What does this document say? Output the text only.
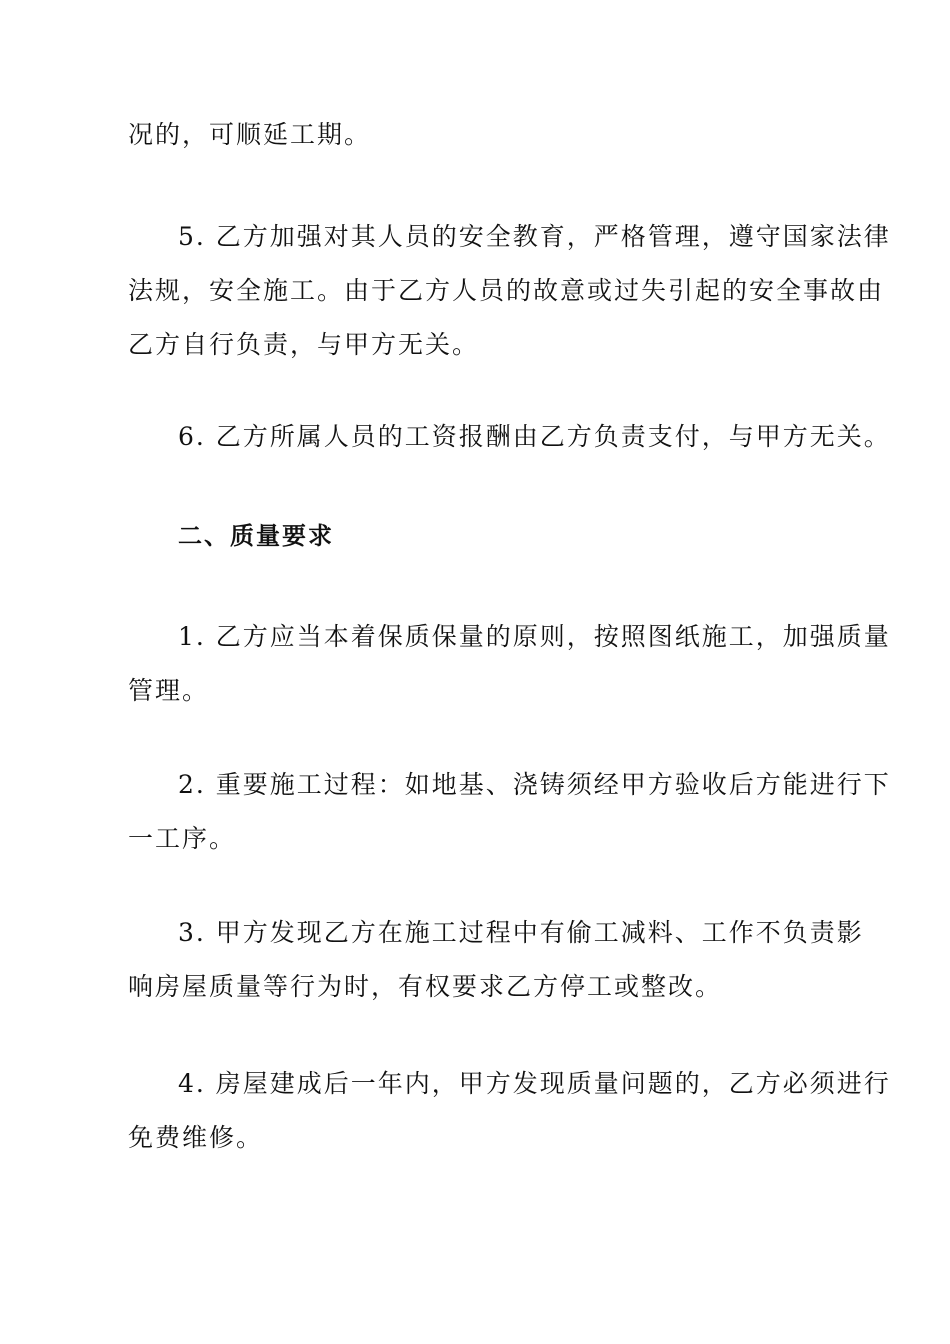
况的，可顺延工期。

5. 乙方加强对其人员的安全教育，严格管理，遵守国家法律
法规，安全施工。由于乙方人员的故意或过失引起的安全事故由
乙方自行负责，与甲方无关。

6. 乙方所属人员的工资报酬由乙方负责支付，与甲方无关。

二、质量要求

1. 乙方应当本着保质保量的原则，按照图纸施工，加强质量
管理。

2. 重要施工过程：如地基、浇铸须经甲方验收后方能进行下
一工序。

3. 甲方发现乙方在施工过程中有偷工减料、工作不负责影
响房屋质量等行为时，有权要求乙方停工或整改。

4. 房屋建成后一年内，甲方发现质量问题的，乙方必须进行
免费维修。
